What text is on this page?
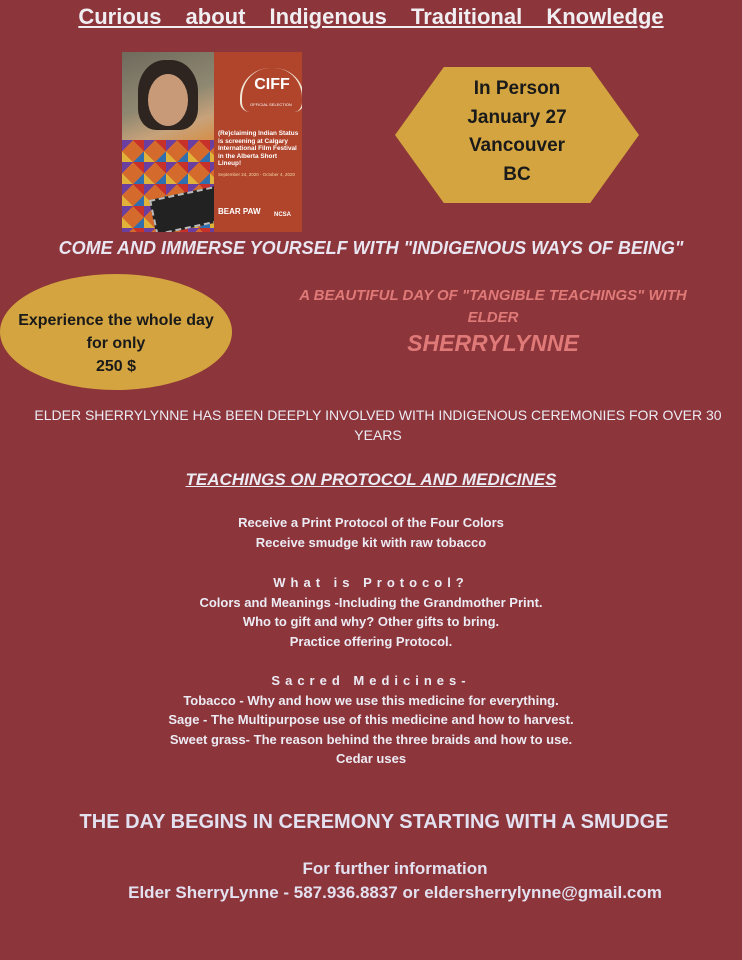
Curious about Indigenous Traditional Knowledge
CIFF
OFFICIAL SELECTION
(Re)claiming Indian Status is screening at Calgary International Film Festival in the Alberta Short Lineup!
September 24, 2020 - October 4, 2020
BEAR PAW NCSA
In Person
January 27
Vancouver
BC
COME AND IMMERSE YOURSELF WITH "INDIGENOUS WAYS OF BEING"
Experience the whole day
for only
250 $
A BEAUTIFUL DAY OF "TANGIBLE TEACHINGS" WITH
ELDER
SHERRYLYNNE
ELDER SHERRYLYNNE HAS BEEN DEEPLY INVOLVED WITH INDIGENOUS CEREMONIES FOR OVER 30 YEARS
TEACHINGS ON PROTOCOL AND MEDICINES
Receive a Print Protocol of the Four Colors
Receive smudge kit with raw tobacco
What is Protocol?
Colors and Meanings -Including the Grandmother Print.
Who to gift and why? Other gifts to bring.
Practice offering Protocol.
Sacred Medicines-
Tobacco - Why and how we use this medicine for everything.
Sage - The Multipurpose use of this medicine and how to harvest.
Sweet grass- The reason behind the three braids and how to use.
Cedar uses
THE DAY BEGINS IN CEREMONY STARTING WITH A SMUDGE
For further information
Elder SherryLynne - 587.936.8837 or eldersherrylynne@gmail.com
